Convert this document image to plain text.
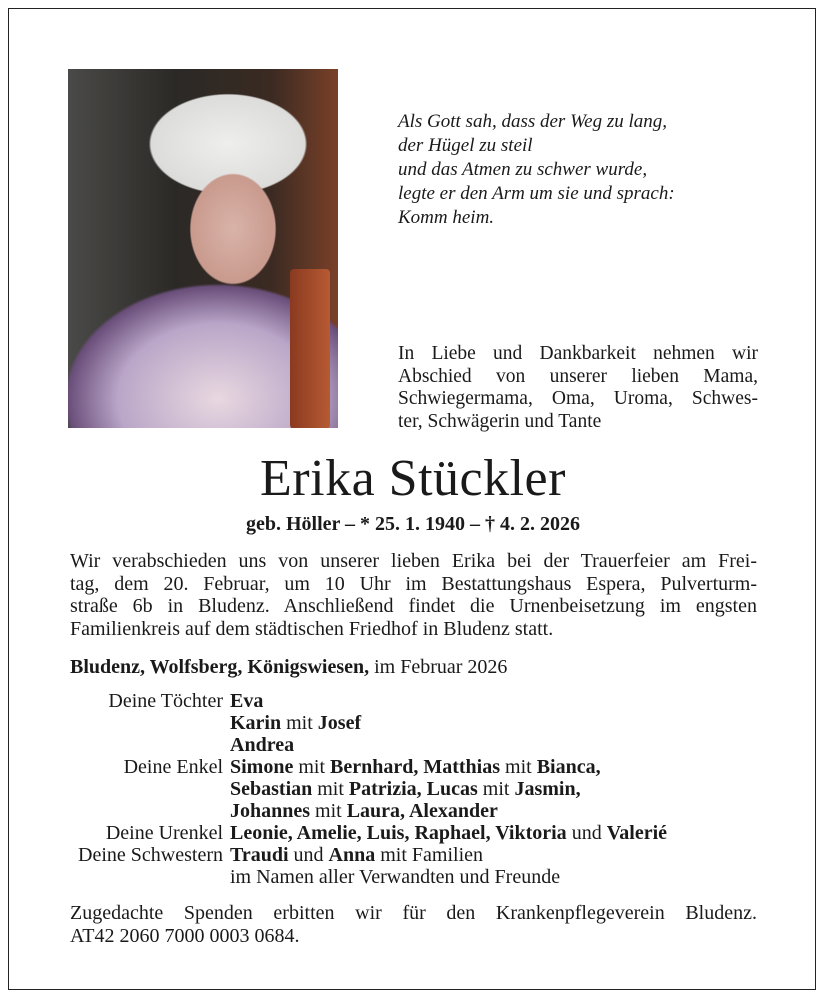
Als Gott sah, dass der Weg zu lang,
der Hügel zu steil
und das Atmen zu schwer wurde,
legte er den Arm um sie und sprach:
Komm heim.
In Liebe und Dankbarkeit nehmen wir
Abschied von unserer lieben Mama,
Schwiegermama, Oma, Uroma, Schwes-
ter, Schwägerin und Tante
Erika Stückler
geb. Höller – * 25. 1. 1940 – † 4. 2. 2026
Wir verabschieden uns von unserer lieben Erika bei der Trauerfeier am Frei-
tag, dem 20. Februar, um 10 Uhr im Bestattungshaus Espera, Pulverturm-
straße 6b in Bludenz. Anschließend findet die Urnenbeisetzung im engsten
Familienkreis auf dem städtischen Friedhof in Bludenz statt.
Bludenz, Wolfsberg, Königswiesen, im Februar 2026
Deine Töchter Eva
Karin mit Josef
Andrea
Deine Enkel Simone mit Bernhard, Matthias mit Bianca,
Sebastian mit Patrizia, Lucas mit Jasmin,
Johannes mit Laura, Alexander
Deine Urenkel Leonie, Amelie, Luis, Raphael, Viktoria und Valerié
Deine Schwestern Traudi und Anna mit Familien
im Namen aller Verwandten und Freunde
Zugedachte Spenden erbitten wir für den Krankenpflegeverein Bludenz.
AT42 2060 7000 0003 0684.
